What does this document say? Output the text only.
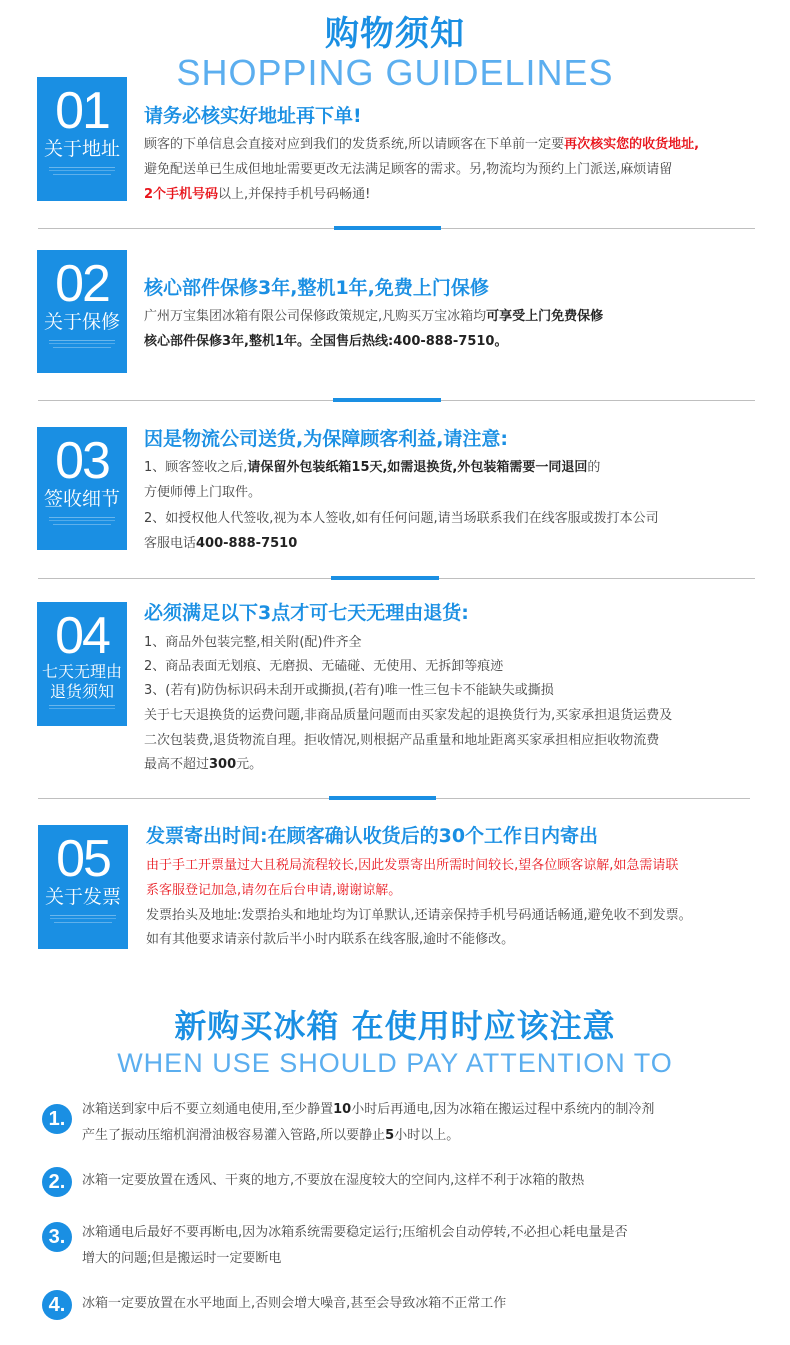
购物须知
SHOPPING GUIDELINES
01
关于地址
请务必核实好地址再下单!
顾客的下单信息会直接对应到我们的发货系统,所以请顾客在下单前一定要再次核实您的收货地址,
避免配送单已生成但地址需要更改无法满足顾客的需求。另,物流均为预约上门派送,麻烦请留
2个手机号码以上,并保持手机号码畅通!
02
关于保修
核心部件保修3年,整机1年,免费上门保修
广州万宝集团冰箱有限公司保修政策规定,凡购买万宝冰箱均可享受上门免费保修
核心部件保修3年,整机1年。全国售后热线:400-888-7510。
03
签收细节
因是物流公司送货,为保障顾客利益,请注意:
1、顾客签收之后,请保留外包装纸箱15天,如需退换货,外包装箱需要一同退回的
方便师傅上门取件。
2、如授权他人代签收,视为本人签收,如有任何问题,请当场联系我们在线客服或拨打本公司
客服电话400-888-7510
04
七天无理由
退货须知
必须满足以下3点才可七天无理由退货:
1、商品外包装完整,相关附(配)件齐全
2、商品表面无划痕、无磨损、无磕碰、无使用、无拆卸等痕迹
3、(若有)防伪标识码未刮开或撕损,(若有)唯一性三包卡不能缺失或撕损
关于七天退换货的运费问题,非商品质量问题而由买家发起的退换货行为,买家承担退货运费及
二次包装费,退货物流自理。拒收情况,则根据产品重量和地址距离买家承担相应拒收物流费
最高不超过300元。
05
关于发票
发票寄出时间:在顾客确认收货后的30个工作日内寄出
由于手工开票量过大且税局流程较长,因此发票寄出所需时间较长,望各位顾客谅解,如急需请联
系客服登记加急,请勿在后台申请,谢谢谅解。
发票抬头及地址:发票抬头和地址均为订单默认,还请亲保持手机号码通话畅通,避免收不到发票。
如有其他要求请亲付款后半小时内联系在线客服,逾时不能修改。
新购买冰箱 在使用时应该注意
WHEN USE SHOULD PAY ATTENTION TO
1.	冰箱送到家中后不要立刻通电使用,至少静置10小时后再通电,因为冰箱在搬运过程中系统内的制冷剂
产生了振动压缩机润滑油极容易灌入管路,所以要静止5小时以上。
2.	冰箱一定要放置在透风、干爽的地方,不要放在湿度较大的空间内,这样不利于冰箱的散热
3.	冰箱通电后最好不要再断电,因为冰箱系统需要稳定运行;压缩机会自动停转,不必担心耗电量是否
增大的问题;但是搬运时一定要断电
4.	冰箱一定要放置在水平地面上,否则会增大噪音,甚至会导致冰箱不正常工作
